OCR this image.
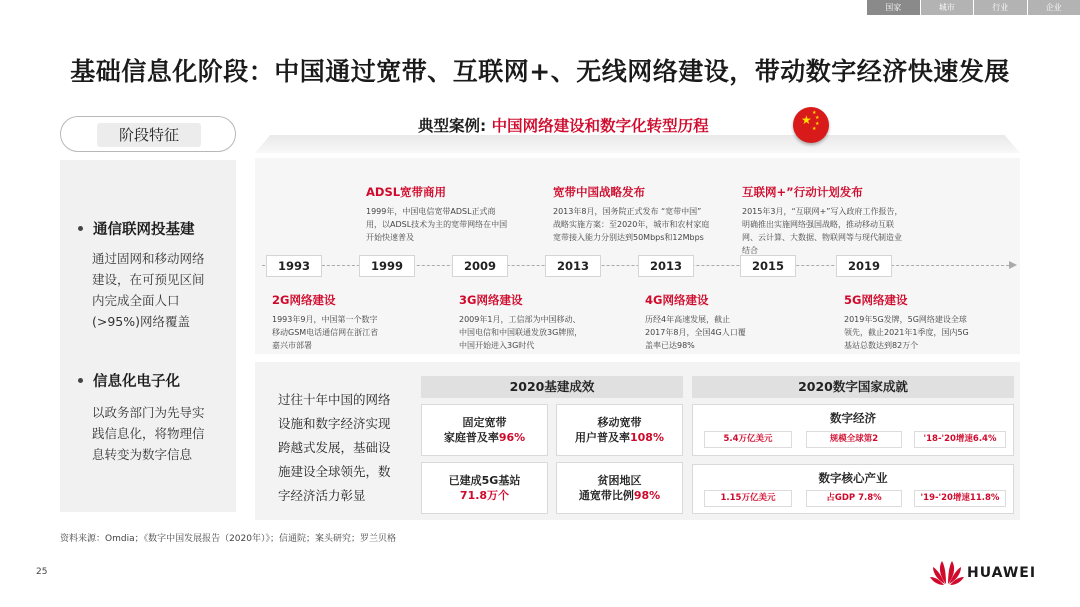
国家	城市	行业	企业
基础信息化阶段：中国通过宽带、互联网+、无线网络建设，带动数字经济快速发展
阶段特征
通信联网投基建
通过固网和移动网络
建设，在可预见区间
内完成全面人口
(>95%)网络覆盖
信息化电子化
以政务部门为先导实
践信息化，将物理信
息转变为数字信息
典型案例: 中国网络建设和数字化转型历程	★ ★
★
★
★
1993	1999	2009	2013	2013	2015	2019
ADSL宽带商用
1999年，中国电信宽带ADSL正式商
用，以ADSL技术为主的宽带网络在中国
开始快速普及
宽带中国战略发布
2013年8月，国务院正式发布 “宽带中国”
战略实施方案：至2020年，城市和农村家庭
宽带接入能力分别达到50Mbps和12Mbps
互联网+”行动计划发布
2015年3月，“互联网+”写入政府工作报告，
明确推出实施网络强国战略，推动移动互联
网、云计算、大数据、物联网等与现代制造业
结合
2G网络建设
1993年9月，中国第一个数字
移动GSM电话通信网在浙江省
嘉兴市部署
3G网络建设
2009年1月，工信部为中国移动、
中国电信和中国联通发放3G牌照，
中国开始进入3G时代
4G网络建设
历经4年高速发展，截止
2017年8月，全国4G人口覆
盖率已达98%
5G网络建设
2019年5G发牌，5G网络建设全球
领先，截止2021年1季度，国内5G
基站总数达到82万个
过往十年中国的网络
设施和数字经济实现
跨越式发展，基础设
施建设全球领先，数
字经济活力彰显
2020基建成效
固定宽带
家庭普及率96%
移动宽带
用户普及率108%
已建成5G基站
71.8万个
贫困地区
通宽带比例98%
2020数字国家成就
数字经济
5.4万亿美元	规模全球第2	'18-'20增速6.4%
数字核心产业
1.15万亿美元	占GDP 7.8%	'19-'20增速11.8%
资料来源：Omdia；《数字中国发展报告（2020年）》；信通院；案头研究；罗兰贝格
25	HUAWEI
